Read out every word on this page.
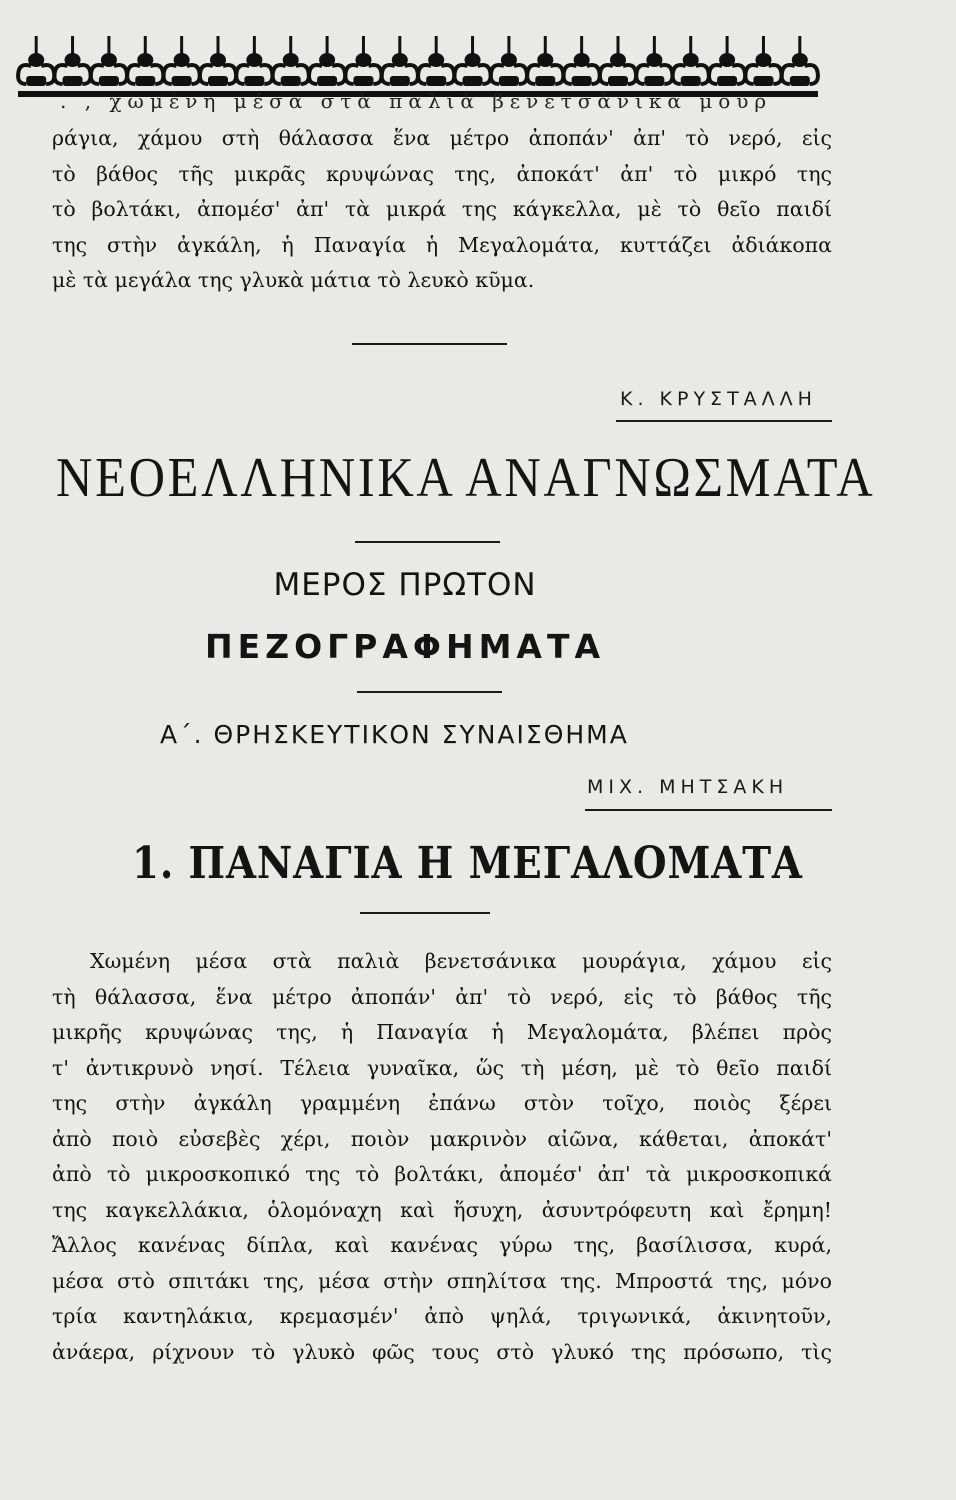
. , χωμένη μέσα στὰ παλιὰ βενετσάνικα μουρ
ράγια, χάμου στὴ θάλασσα ἕνα μέτρο ἀποπάν' ἀπ' τὸ νερό, εἰς
τὸ βάθος τῆς μικρᾶς κρυψώνας της, ἀποκάτ' ἀπ' τὸ μικρό της
τὸ βολτάκι, ἀπομέσ' ἀπ' τὰ μικρά της κάγκελλα, μὲ τὸ θεῖο παιδί
της στὴν ἀγκάλη, ἡ Παναγία ἡ Μεγαλομάτα, κυττάζει ἀδιάκοπα
μὲ τὰ μεγάλα της γλυκὰ μάτια τὸ λευκὸ κῦμα.
Κ. ΚΡΥΣΤΑΛΛΗ
ΝΕΟΕΛΛΗΝΙΚΑ ΑΝΑΓΝΩΣΜΑΤΑ
ΜΕΡΟΣ ΠΡΩΤΟΝ
ΠΕΖΟΓΡΑΦΗΜΑΤΑ
Α΄. ΘΡΗΣΚΕΥΤΙΚΟΝ ΣΥΝΑΙΣΘΗΜΑ
ΜΙΧ. ΜΗΤΣΑΚΗ
1. ΠΑΝΑΓΙΑ Η ΜΕΓΑΛΟΜΑΤΑ
Χωμένη μέσα στὰ παλιὰ βενετσάνικα μουράγια, χάμου εἰς
τὴ θάλασσα, ἕνα μέτρο ἀποπάν' ἀπ' τὸ νερό, εἰς τὸ βάθος τῆς
μικρῆς κρυψώνας της, ἡ Παναγία ἡ Μεγαλομάτα, βλέπει πρὸς
τ' ἀντικρυνὸ νησί. Τέλεια γυναῖκα, ὥς τὴ μέση, μὲ τὸ θεῖο παιδί
της στὴν ἀγκάλη γραμμένη ἐπάνω στὸν τοῖχο, ποιὸς ξέρει
ἀπὸ ποιὸ εὐσεβὲς χέρι, ποιὸν μακρινὸν αἰῶνα, κάθεται, ἀποκάτ'
ἀπὸ τὸ μικροσκοπικό της τὸ βολτάκι, ἀπομέσ' ἀπ' τὰ μικροσκοπικά
της καγκελλάκια, ὁλομόναχη καὶ ἥσυχη, ἀσυντρόφευτη καὶ ἔρημη!
Ἄλλος κανένας δίπλα, καὶ κανένας γύρω της, βασίλισσα, κυρά,
μέσα στὸ σπιτάκι της, μέσα στὴν σπηλίτσα της. Μπροστά της, μόνο
τρία καντηλάκια, κρεμασμέν' ἀπὸ ψηλά, τριγωνικά, ἀκινητοῦν,
ἀνάερα, ρίχνουν τὸ γλυκὸ φῶς τους στὸ γλυκό της πρόσωπο, τὶς
